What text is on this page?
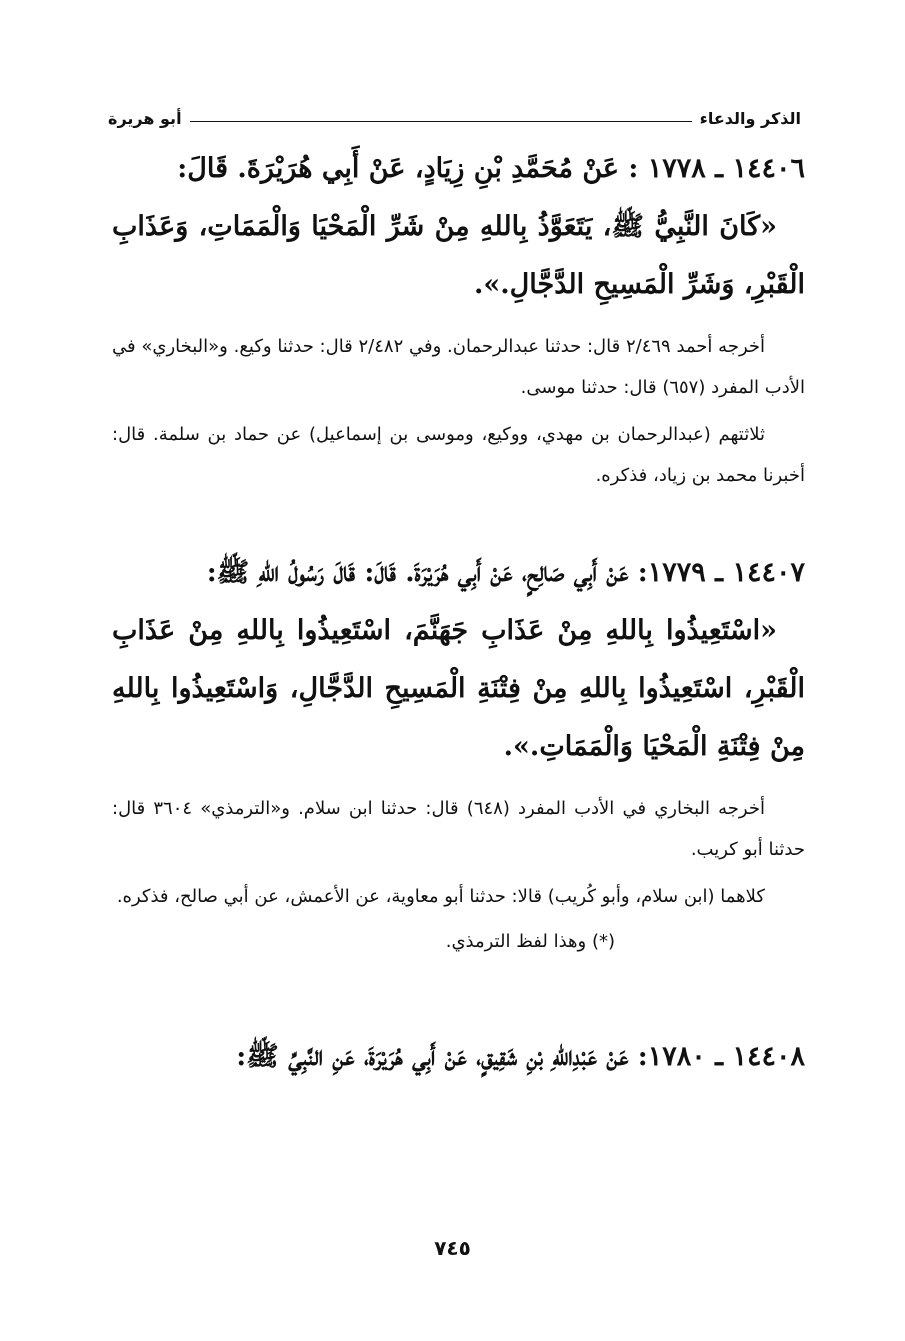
الذكر والدعاء
أبو هريرة

١٤٤٠٦ ـ ١٧٧٨ : عَنْ مُحَمَّدِ بْنِ زِيَادٍ، عَنْ أَبِي هُرَيْرَةَ. قَالَ:

«كَانَ النَّبِيُّ ﷺ، يَتَعَوَّذُ بِاللهِ مِنْ شَرِّ الْمَحْيَا وَالْمَمَاتِ، وَعَذَابِ الْقَبْرِ، وَشَرِّ الْمَسِيحِ الدَّجَّالِ.».

أخرجه أحمد ٢/٤٦٩ قال: حدثنا عبدالرحمان. وفي ٢/٤٨٢ قال: حدثنا وكيع. و«البخاري» في الأدب المفرد (٦٥٧) قال: حدثنا موسى.

ثلاثتهم (عبدالرحمان بن مهدي، ووكيع، وموسى بن إسماعيل) عن حماد بن سلمة. قال: أخبرنا محمد بن زياد، فذكره.

١٤٤٠٧ ـ ١٧٧٩: عَنْ أَبِي صَالِحٍ، عَنْ أَبِي هُرَيْرَةَ. قَالَ: قَالَ رَسُولُ اللهِ ﷺ:

«اسْتَعِيذُوا بِاللهِ مِنْ عَذَابِ جَهَنَّمَ، اسْتَعِيذُوا بِاللهِ مِنْ عَذَابِ الْقَبْرِ، اسْتَعِيذُوا بِاللهِ مِنْ فِتْنَةِ الْمَسِيحِ الدَّجَّالِ، وَاسْتَعِيذُوا بِاللهِ مِنْ فِتْنَةِ الْمَحْيَا وَالْمَمَاتِ.».

أخرجه البخاري في الأدب المفرد (٦٤٨) قال: حدثنا ابن سلام. و«الترمذي» ٣٦٠٤ قال: حدثنا أبو كريب.

كلاهما (ابن سلام، وأبو كُريب) قالا: حدثنا أبو معاوية، عن الأعمش، عن أبي صالح، فذكره.

(*) وهذا لفظ الترمذي.

١٤٤٠٨ ـ ١٧٨٠: عَنْ عَبْدِاللهِ بْنِ شَقِيقٍ، عَنْ أَبِي هُرَيْرَةَ، عَنِ النَّبِيِّ ﷺ:

٧٤٥
